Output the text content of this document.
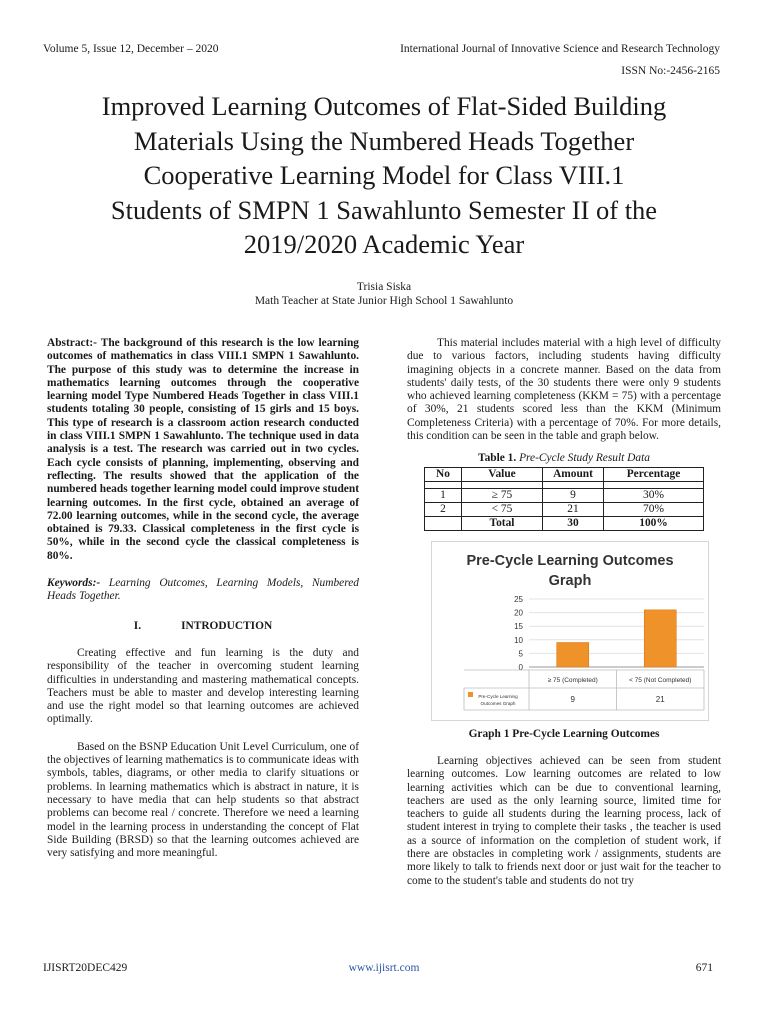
Volume 5, Issue 12, December – 2020	International Journal of Innovative Science and Research Technology
ISSN No:-2456-2165
Improved Learning Outcomes of Flat-Sided Building
Materials Using the Numbered Heads Together
Cooperative Learning Model for Class VIII.1
Students of SMPN 1 Sawahlunto Semester II of the
2019/2020 Academic Year
Trisia Siska
Math Teacher at State Junior High School 1 Sawahlunto

Abstract:- The background of this research is the low learning outcomes of mathematics in class VIII.1 SMPN 1 Sawahlunto. The purpose of this study was to determine the increase in mathematics learning outcomes through the cooperative learning model Type Numbered Heads Together in class VIII.1 students totaling 30 people, consisting of 15 girls and 15 boys. This type of research is a classroom action research conducted in class VIII.1 SMPN 1 Sawahlunto. The technique used in data analysis is a test. The research was carried out in two cycles. Each cycle consists of planning, implementing, observing and reflecting. The results showed that the application of the numbered heads together learning model could improve student learning outcomes. In the first cycle, obtained an average of 72.00 learning outcomes, while in the second cycle, the average obtained is 79.33. Classical completeness in the first cycle is 50%, while in the second cycle the classical completeness is 80%.

Keywords:- Learning Outcomes, Learning Models, Numbered Heads Together.

I.	INTRODUCTION

Creating effective and fun learning is the duty and responsibility of the teacher in overcoming student learning difficulties in understanding and mastering mathematical concepts. Teachers must be able to master and develop interesting learning and use the right model so that learning outcomes are achieved optimally.

Based on the BSNP Education Unit Level Curriculum, one of the objectives of learning mathematics is to communicate ideas with symbols, tables, diagrams, or other media to clarify situations or problems. In learning mathematics which is abstract in nature, it is necessary to have media that can help students so that abstract problems can become real / concrete. Therefore we need a learning model in the learning process in understanding the concept of Flat Side Building (BRSD) so that the learning outcomes achieved are very satisfying and more meaningful.

This material includes material with a high level of difficulty due to various factors, including students having difficulty imagining objects in a concrete manner. Based on the data from students' daily tests, of the 30 students there were only 9 students who achieved learning completeness (KKM = 75) with a percentage of 30%, 21 students scored less than the KKM (Minimum Completeness Criteria) with a percentage of 70%. For more details, this condition can be seen in the table and graph below.

Table 1. Pre-Cycle Study Result Data

No	Value	Amount	Percentage

1	≥ 75	9	30%
2	< 75	21	70%
	Total	30	100%
Pre-Cycle Learning Outcomes
Graph
0
5
10
15
20
25
≥ 75 (Completed)
9
< 75 (Not Completed)
21
Pre-Cycle Learning
Outcomes Graph

Graph 1 Pre-Cycle Learning Outcomes

Learning objectives achieved can be seen from student learning outcomes. Low learning outcomes are related to low learning activities which can be due to conventional learning, teachers are used as the only learning source, limited time for teachers to guide all students during the learning process, lack of student interest in trying to complete their tasks , the teacher is used as a source of information on the completion of student work, if there are obstacles in completing work / assignments, students are more likely to talk to friends next door or just wait for the teacher to come to the student's table and students do not try

IJISRT20DEC429	www.ijisrt.com	671
